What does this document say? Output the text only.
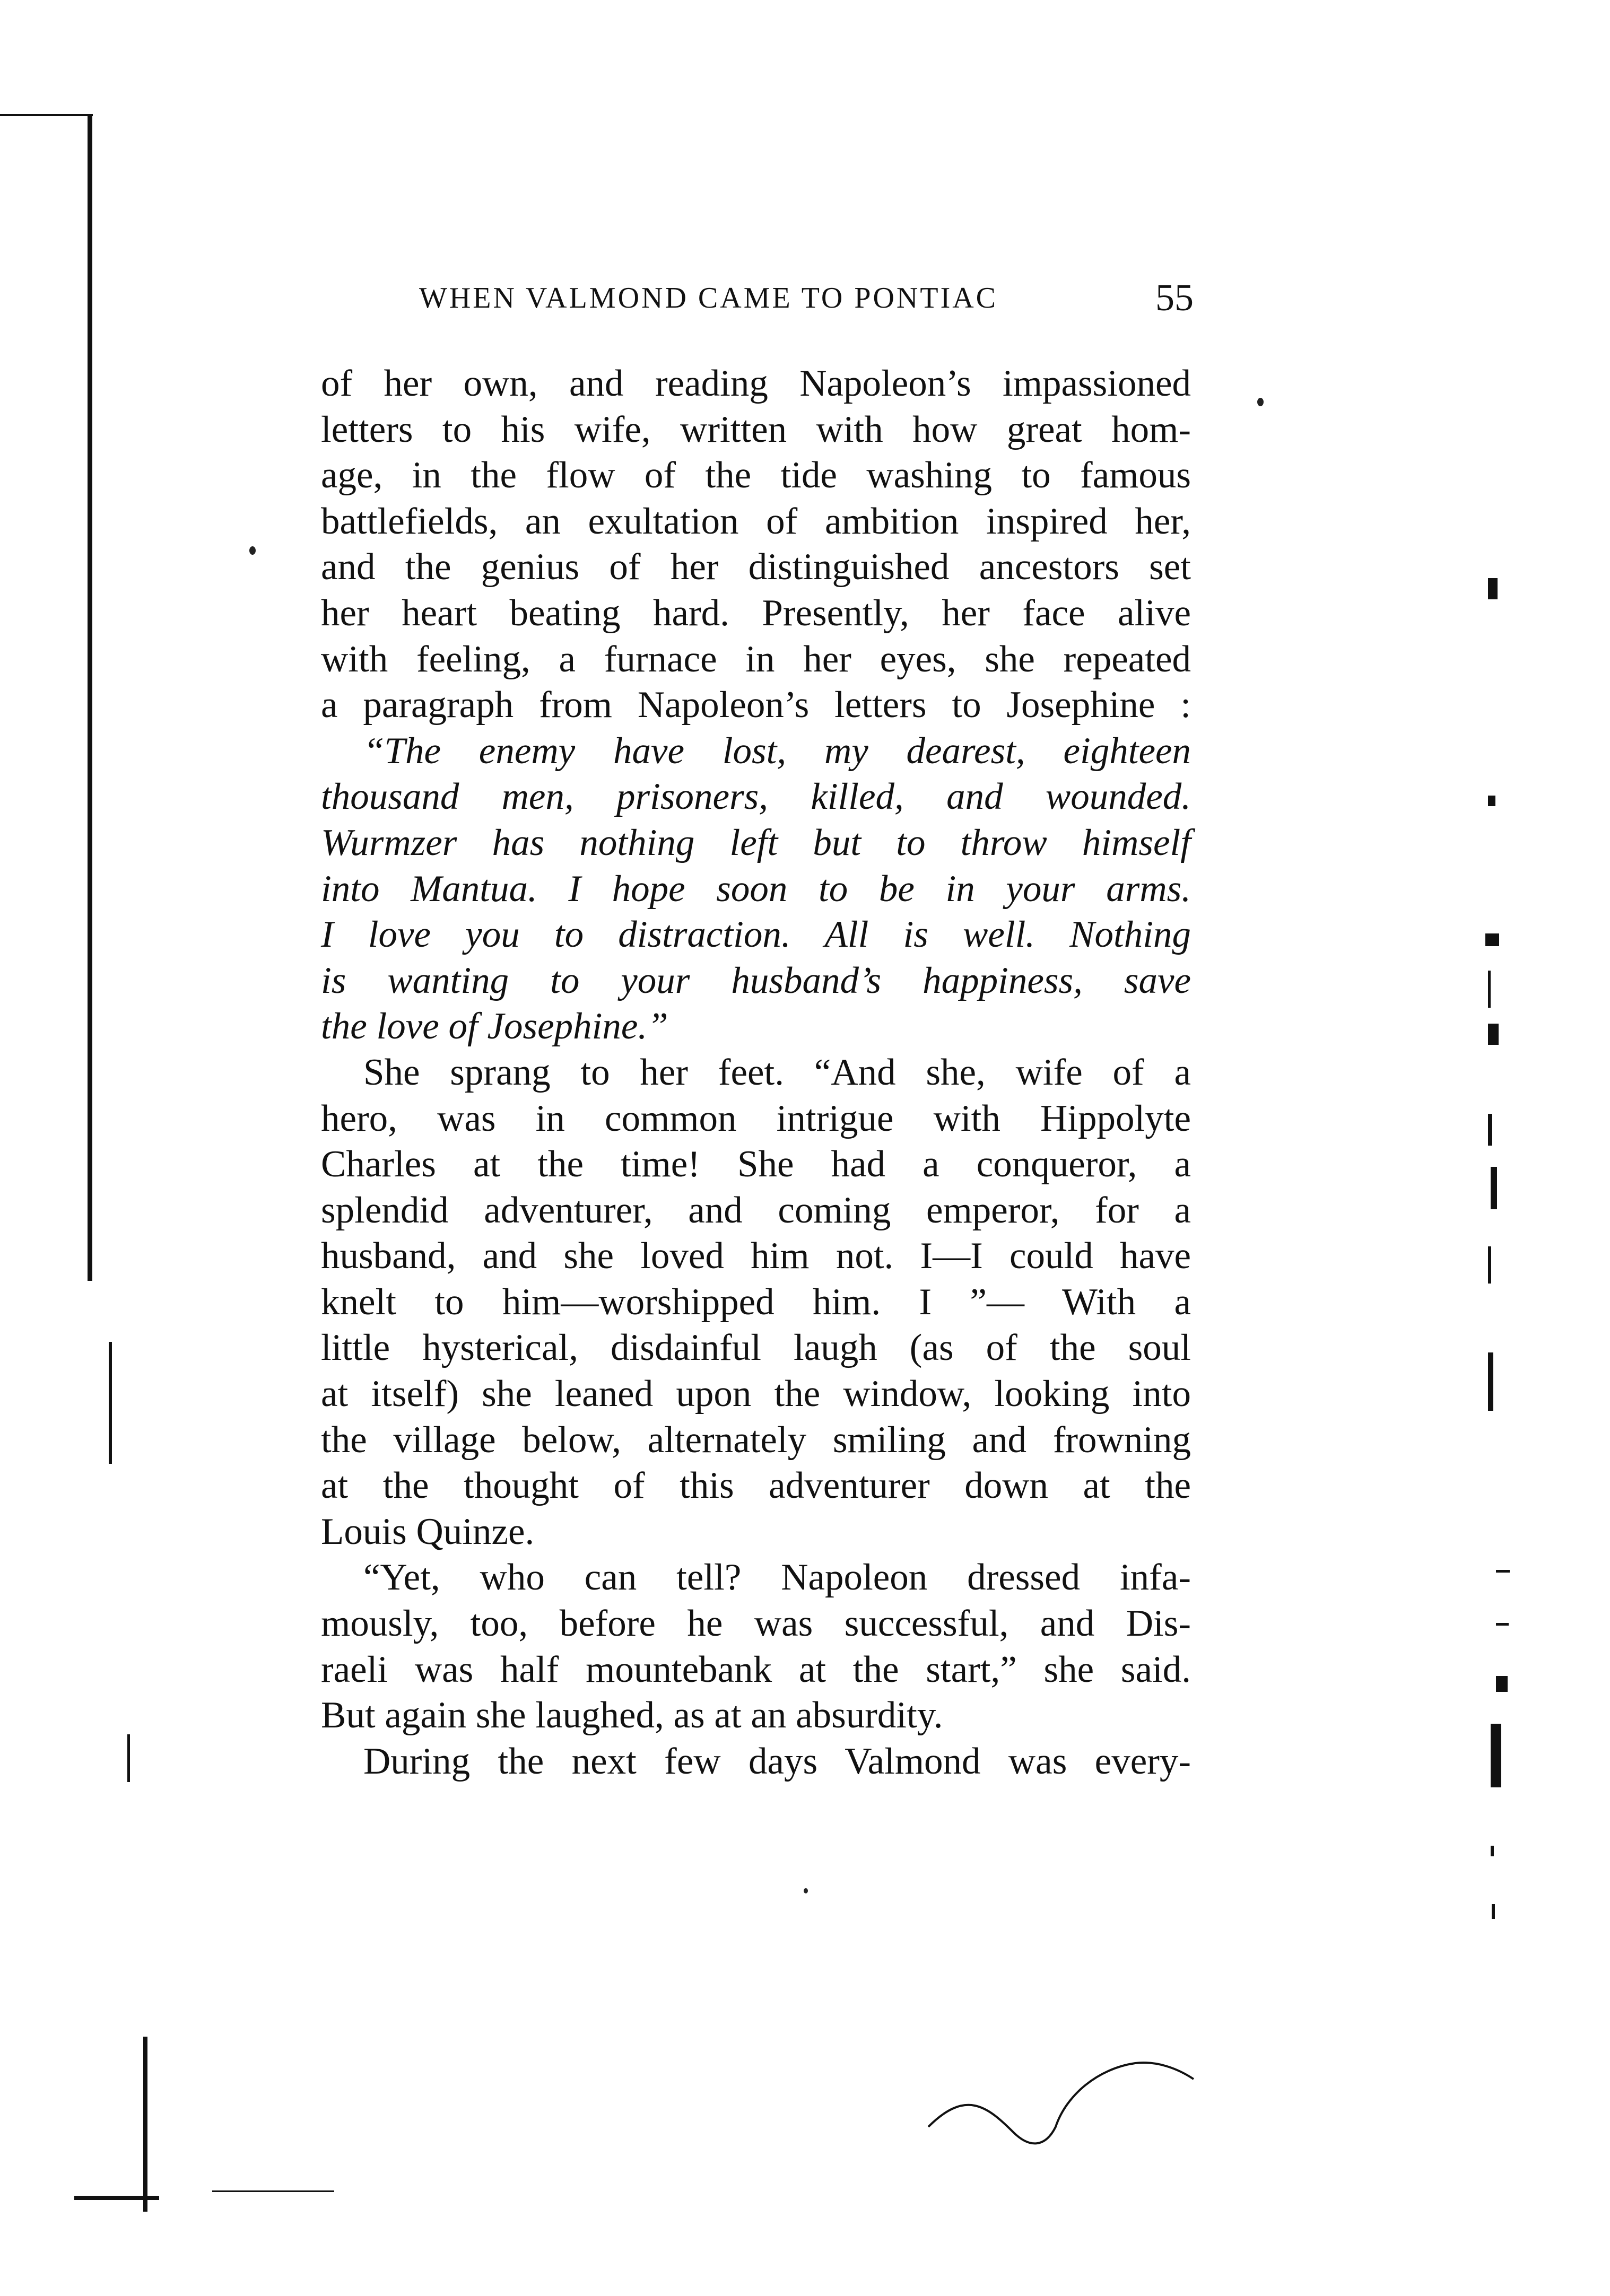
WHEN VALMOND CAME TO PONTIAC	55
of her own, and reading Napoleon’s impassioned
letters to his wife, written with how great hom-
age, in the flow of the tide washing to famous
battlefields, an exultation of ambition inspired her,
and the genius of her distinguished ancestors set
her heart beating hard. Presently, her face alive
with feeling, a furnace in her eyes, she repeated
a paragraph from Napoleon’s letters to Josephine :
“The enemy have lost, my dearest, eighteen
thousand men, prisoners, killed, and wounded.
Wurmzer has nothing left but to throw himself
into Mantua. I hope soon to be in your arms.
I love you to distraction. All is well. Nothing
is wanting to your husband’s happiness, save
the love of Josephine.”
She sprang to her feet. “And she, wife of a
hero, was in common intrigue with Hippolyte
Charles at the time! She had a conqueror, a
splendid adventurer, and coming emperor, for a
husband, and she loved him not. I—I could have
knelt to him—worshipped him. I ”— With a
little hysterical, disdainful laugh (as of the soul
at itself) she leaned upon the window, looking into
the village below, alternately smiling and frowning
at the thought of this adventurer down at the
Louis Quinze.
“Yet, who can tell? Napoleon dressed infa-
mously, too, before he was successful, and Dis-
raeli was half mountebank at the start,” she said.
But again she laughed, as at an absurdity.
During the next few days Valmond was every-
